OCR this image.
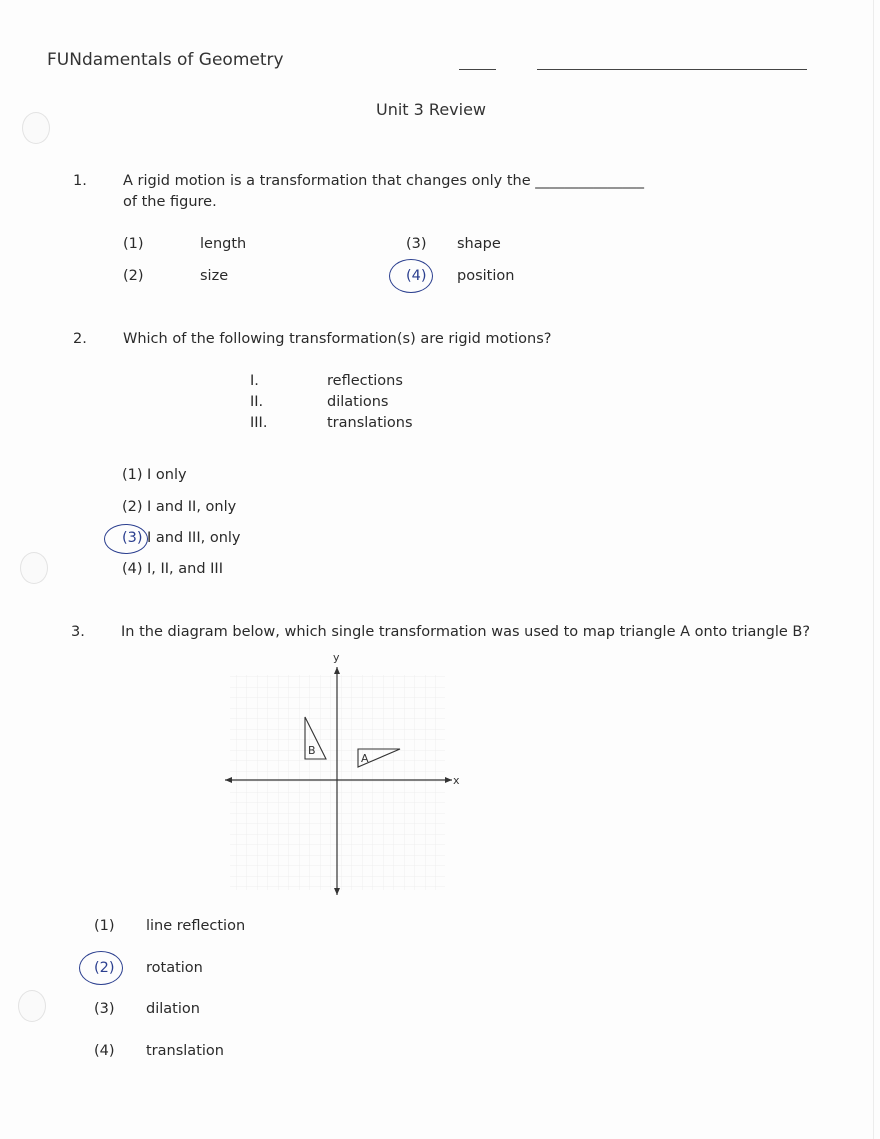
FUNdamentals of Geometry
Unit 3 Review
1. A rigid motion is a transformation that changes only the _______________
of the figure.
(1)	length
(2)	size
(3) shape
(4) position
2. Which of the following transformation(s) are rigid motions?
I.	reflections
II.	dilations
III.	translations
(1) I only
(2) I and II, only
(3) I and III, only
(4) I, II, and III
3. In the diagram below, which single transformation was used to map triangle A onto triangle B?
x
y
B
A
(1) line reflection
(2) rotation
(3) dilation
(4) translation
